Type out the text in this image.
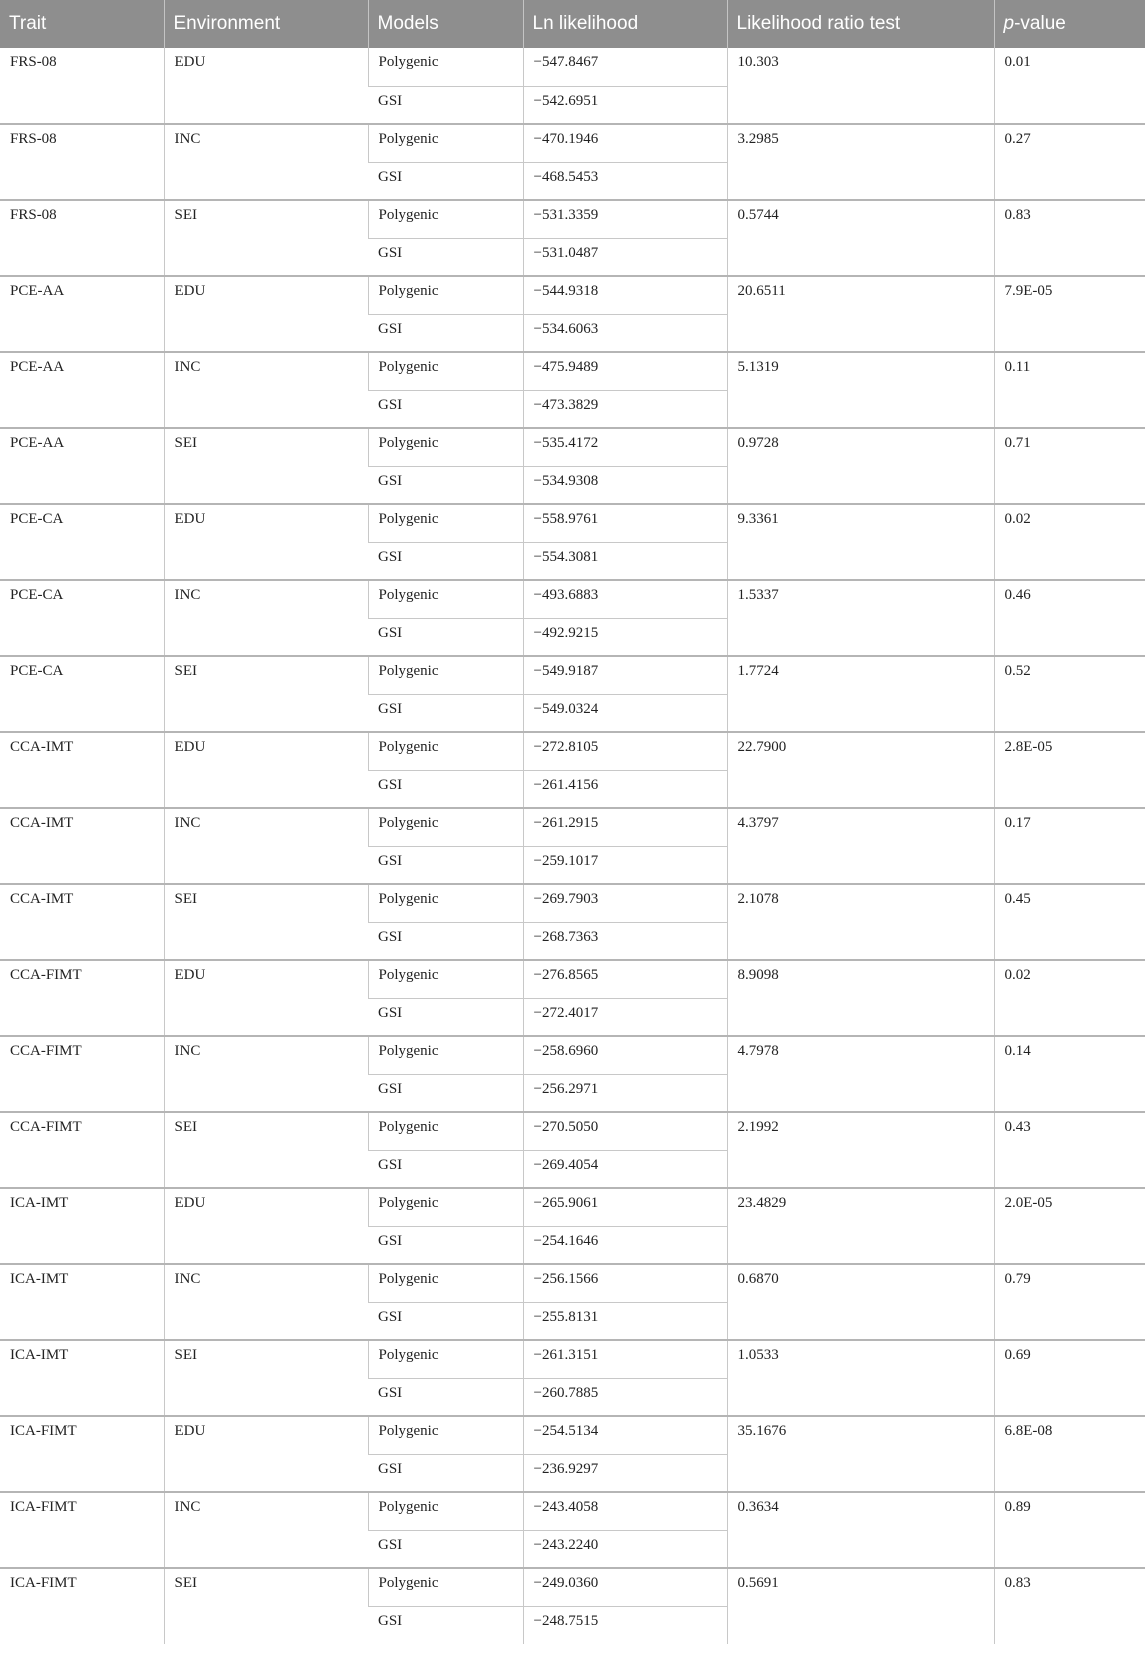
Trait	Environment	Models	Ln likelihood	Likelihood ratio test	p-value
FRS-08	EDU	Polygenic	−547.8467	10.303	0.01
		GSI	−542.6951		
FRS-08	INC	Polygenic	−470.1946	3.2985	0.27
		GSI	−468.5453		
FRS-08	SEI	Polygenic	−531.3359	0.5744	0.83
		GSI	−531.0487		
PCE-AA	EDU	Polygenic	−544.9318	20.6511	7.9E-05
		GSI	−534.6063		
PCE-AA	INC	Polygenic	−475.9489	5.1319	0.11
		GSI	−473.3829		
PCE-AA	SEI	Polygenic	−535.4172	0.9728	0.71
		GSI	−534.9308		
PCE-CA	EDU	Polygenic	−558.9761	9.3361	0.02
		GSI	−554.3081		
PCE-CA	INC	Polygenic	−493.6883	1.5337	0.46
		GSI	−492.9215		
PCE-CA	SEI	Polygenic	−549.9187	1.7724	0.52
		GSI	−549.0324		
CCA-IMT	EDU	Polygenic	−272.8105	22.7900	2.8E-05
		GSI	−261.4156		
CCA-IMT	INC	Polygenic	−261.2915	4.3797	0.17
		GSI	−259.1017		
CCA-IMT	SEI	Polygenic	−269.7903	2.1078	0.45
		GSI	−268.7363		
CCA-FIMT	EDU	Polygenic	−276.8565	8.9098	0.02
		GSI	−272.4017		
CCA-FIMT	INC	Polygenic	−258.6960	4.7978	0.14
		GSI	−256.2971		
CCA-FIMT	SEI	Polygenic	−270.5050	2.1992	0.43
		GSI	−269.4054		
ICA-IMT	EDU	Polygenic	−265.9061	23.4829	2.0E-05
		GSI	−254.1646		
ICA-IMT	INC	Polygenic	−256.1566	0.6870	0.79
		GSI	−255.8131		
ICA-IMT	SEI	Polygenic	−261.3151	1.0533	0.69
		GSI	−260.7885		
ICA-FIMT	EDU	Polygenic	−254.5134	35.1676	6.8E-08
		GSI	−236.9297		
ICA-FIMT	INC	Polygenic	−243.4058	0.3634	0.89
		GSI	−243.2240		
ICA-FIMT	SEI	Polygenic	−249.0360	0.5691	0.83
		GSI	−248.7515		
